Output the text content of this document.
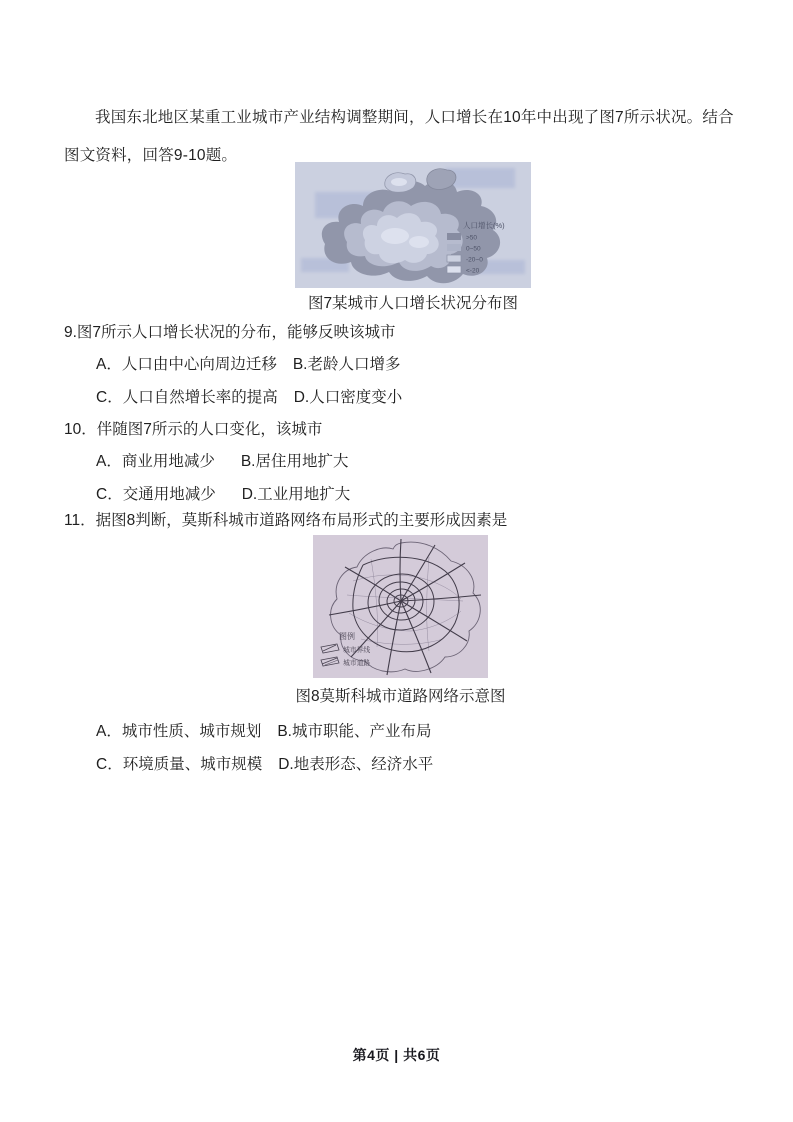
我国东北地区某重工业城市产业结构调整期间，人口增长在10年中出现了图7所示状况。结合图文资料，回答9-10题。
人口增长(%)
>50
0~50
-20~0
<-20
图7某城市人口增长状况分布图
9.图7所示人口增长状况的分布，能够反映该城市
A．人口由中心向周边迁移 B.老龄人口增多
C．人口自然增长率的提高 D.人口密度变小
10．伴随图7所示的人口变化，该城市
A．商业用地减少 B.居住用地扩大
C．交通用地减少 D.工业用地扩大
11．据图8判断，莫斯科城市道路网络布局形式的主要形成因素是
图例
城市界线
城市道路
图8莫斯科城市道路网络示意图
A．城市性质、城市规划 B.城市职能、产业布局
C．环境质量、城市规模 D.地表形态、经济水平
第4页 | 共6页
